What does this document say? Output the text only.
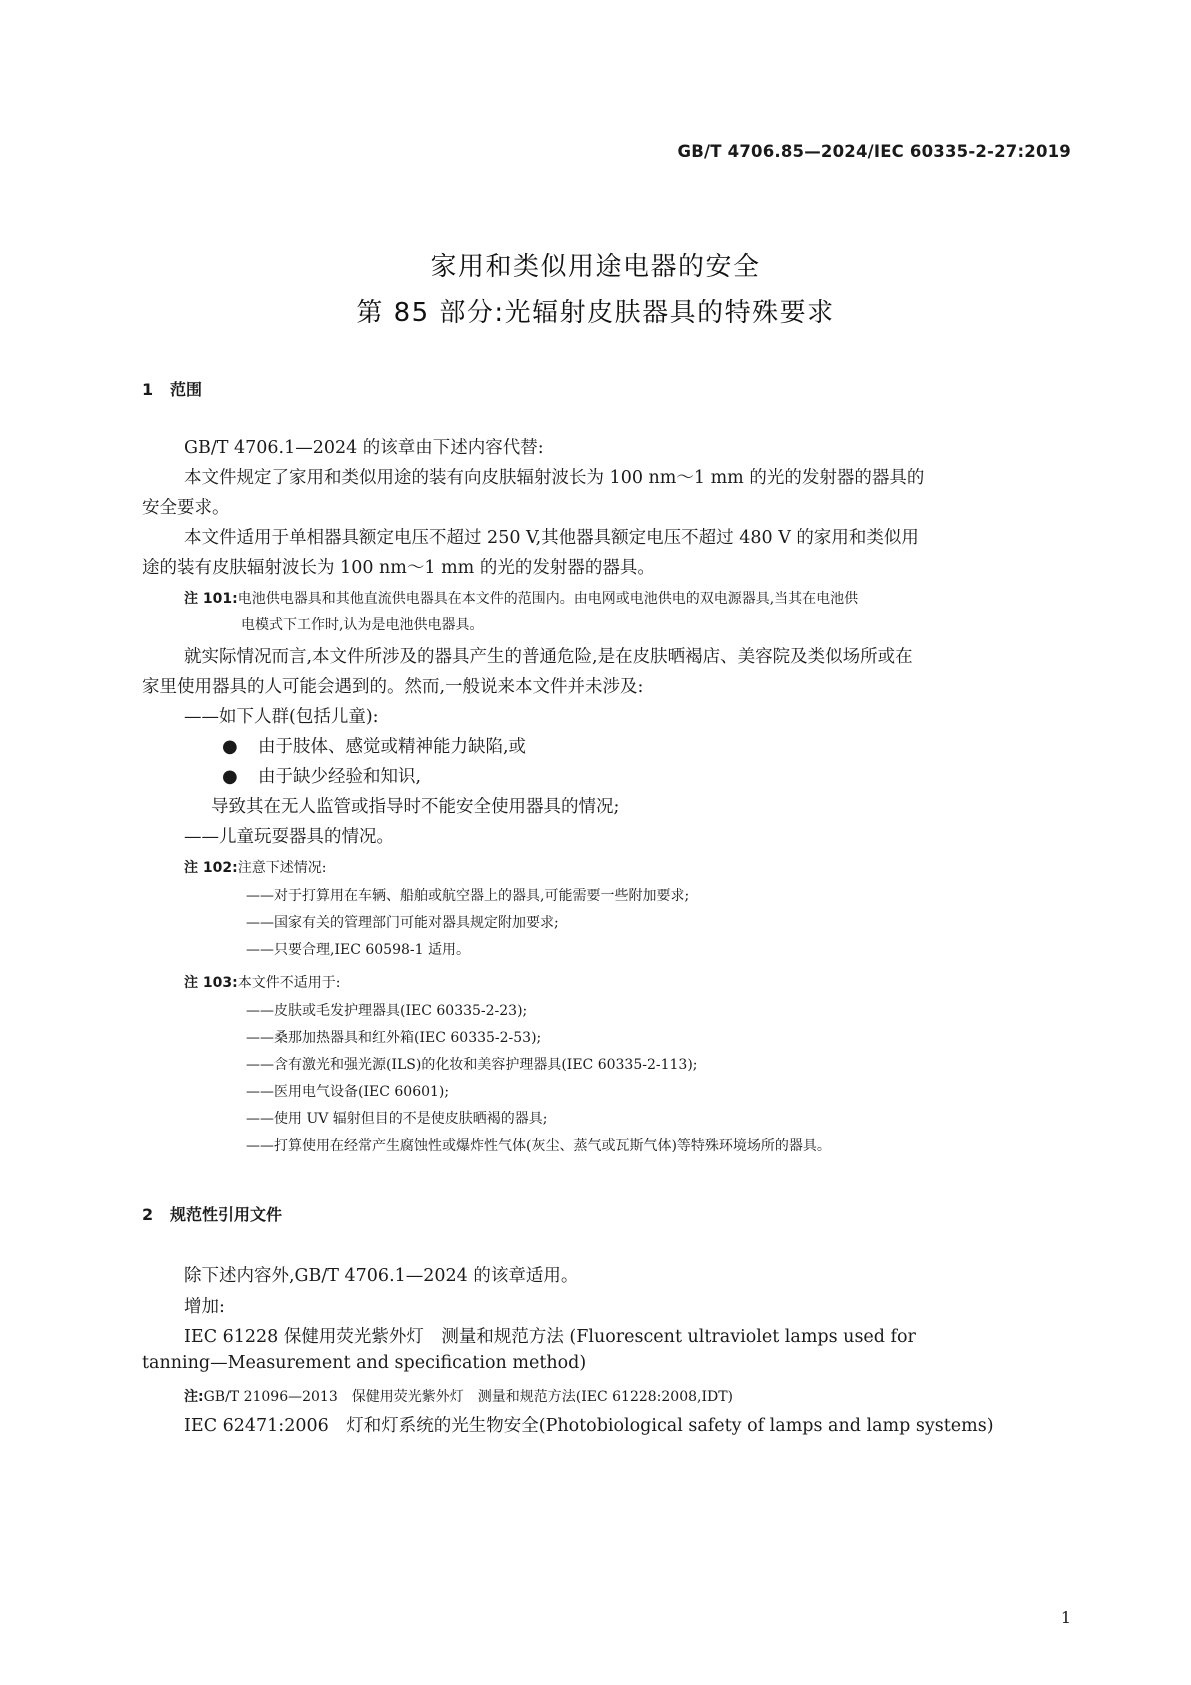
GB/T 4706.85—2024/IEC 60335-2-27:2019
家用和类似用途电器的安全
第 85 部分:光辐射皮肤器具的特殊要求
1 范围
GB/T 4706.1—2024 的该章由下述内容代替:
本文件规定了家用和类似用途的装有向皮肤辐射波长为 100 nm～1 mm 的光的发射器的器具的
安全要求。
本文件适用于单相器具额定电压不超过 250 V,其他器具额定电压不超过 480 V 的家用和类似用
途的装有皮肤辐射波长为 100 nm～1 mm 的光的发射器的器具。
注 101:电池供电器具和其他直流供电器具在本文件的范围内。由电网或电池供电的双电源器具,当其在电池供
电模式下工作时,认为是电池供电器具。
就实际情况而言,本文件所涉及的器具产生的普通危险,是在皮肤晒褐店、美容院及类似场所或在
家里使用器具的人可能会遇到的。然而,一般说来本文件并未涉及:
——如下人群(包括儿童):
● 由于肢体、感觉或精神能力缺陷,或
● 由于缺少经验和知识,
导致其在无人监管或指导时不能安全使用器具的情况;
——儿童玩耍器具的情况。
注 102:注意下述情况:
——对于打算用在车辆、船舶或航空器上的器具,可能需要一些附加要求;
——国家有关的管理部门可能对器具规定附加要求;
——只要合理,IEC 60598-1 适用。
注 103:本文件不适用于:
——皮肤或毛发护理器具(IEC 60335-2-23);
——桑那加热器具和红外箱(IEC 60335-2-53);
——含有激光和强光源(ILS)的化妆和美容护理器具(IEC 60335-2-113);
——医用电气设备(IEC 60601);
——使用 UV 辐射但目的不是使皮肤晒褐的器具;
——打算使用在经常产生腐蚀性或爆炸性气体(灰尘、蒸气或瓦斯气体)等特殊环境场所的器具。
2 规范性引用文件
除下述内容外,GB/T 4706.1—2024 的该章适用。
增加:
IEC 61228 保健用荧光紫外灯　测量和规范方法 (Fluorescent ultraviolet lamps used for
tanning—Measurement and specification method)
注:GB/T 21096—2013　保健用荧光紫外灯　测量和规范方法(IEC 61228:2008,IDT)
IEC 62471:2006　灯和灯系统的光生物安全(Photobiological safety of lamps and lamp systems)
1
